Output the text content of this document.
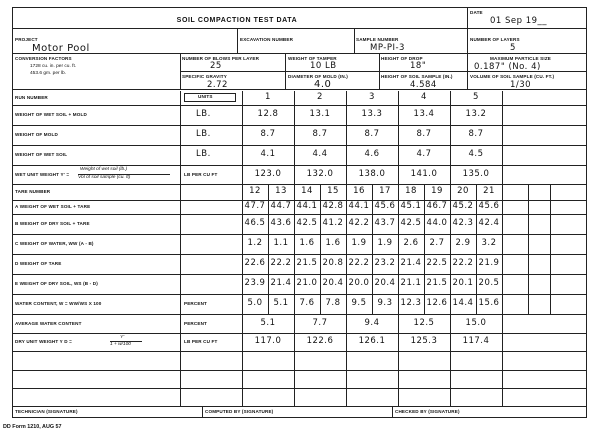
SOIL COMPACTION TEST DATA
DATE
01 Sep 19__
PROJECT
Motor Pool
EXCAVATION NUMBER	SAMPLE NUMBER
MP-PI-3
NUMBER OF LAYERS
5
CONVERSION FACTORS
1728 cu. in. per cu. ft.
453.6 gm. per lb.
NUMBER OF BLOWS PER LAYER
25
WEIGHT OF TAMPER
10 LB
HEIGHT OF DROP
18"
MAXIMUM PARTICLE SIZE
0.187" (No. 4)
SPECIFIC GRAVITY
2.72
DIAMETER OF MOLD (IN.)
4.0
HEIGHT OF SOIL SAMPLE (IN.)
4.584
VOLUME OF SOIL SAMPLE (CU. FT.)
1/30
UNITS
RUN NUMBER	1	2	3	4	5
WEIGHT OF WET SOIL + MOLD	LB.	12.8	13.1	13.3	13.4	13.2
WEIGHT OF MOLD	LB.	8.7	8.7	8.7	8.7	8.7
WEIGHT OF WET SOIL	LB.	4.1	4.4	4.6	4.7	4.5
WET UNIT WEIGHT Y' =
Weight of wet soil (lb.)
Vol of soil sample (cu. ft)
LB PER CU FT	123.0	132.0	138.0	141.0	135.0
TARE NUMBER	12 13 14 15 16 17 18 19 20 21
A WEIGHT OF WET SOIL + TARE	47.7 44.7 44.1 42.8 44.1 45.6 45.1 46.7 45.2 45.6
B WEIGHT OF DRY SOIL + TARE	46.5 43.6 42.5 41.2 42.2 43.7 42.5 44.0 42.3 42.4
C WEIGHT OF WATER, WW (A - B)	1.2 1.1 1.6 1.6 1.9 1.9 2.6 2.7 2.9 3.2
D WEIGHT OF TARE	22.6 22.2 21.5 20.8 22.2 23.2 21.4 22.5 22.2 21.9
E WEIGHT OF DRY SOIL, WS (B - D)	23.9 21.4 21.0 20.4 20.0 20.4 21.1 21.5 20.1 20.5
WATER CONTENT, W = WW/WS X 100	PERCENT	5.0 5.1 7.6 7.8 9.5 9.3 12.3 12.6 14.4 15.6
AVERAGE WATER CONTENT	PERCENT	5.1	7.7	9.4	12.5	15.0
DRY UNIT WEIGHT Y D =
Y'
1 + w/100
LB PER CU FT	117.0	122.6	126.1	125.3	117.4
TECHNICIAN (SIGNATURE)	COMPUTED BY (SIGNATURE)	CHECKED BY (SIGNATURE)
DD Form 1210, AUG 57
